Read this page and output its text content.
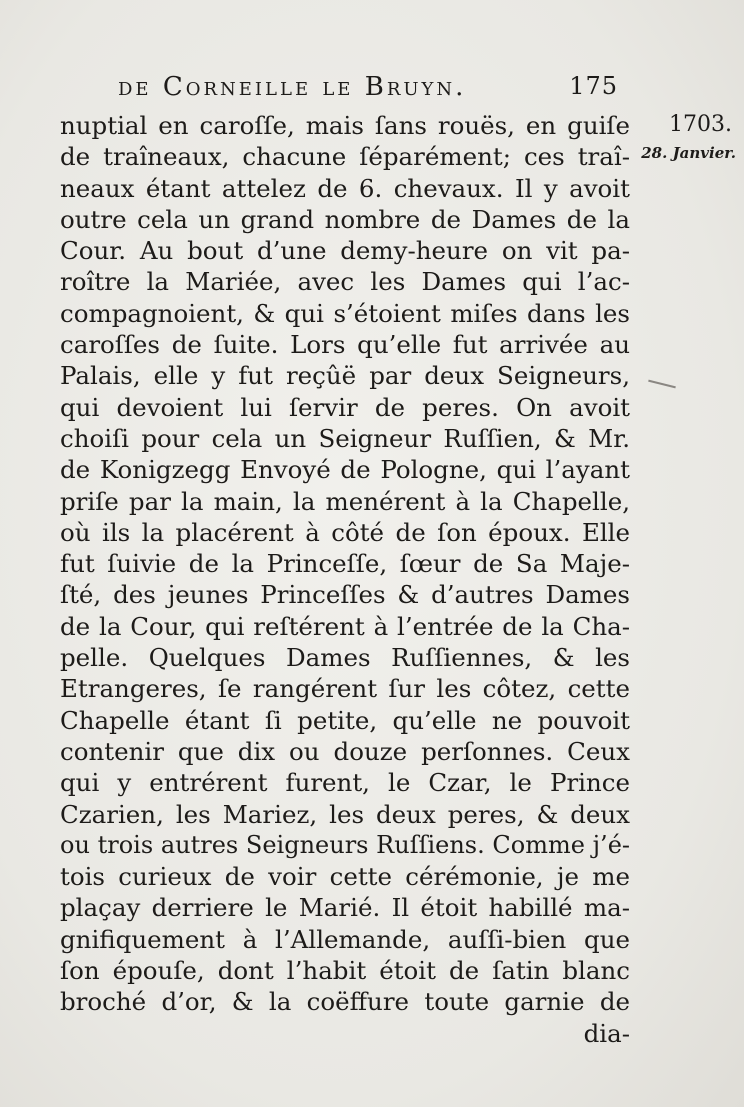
de Corneille le Bruyn.	175
1703.
28. Janvier.
nuptial en caroſſe, mais ſans rouës, en guiſe
de traîneaux, chacune ſéparément; ces traî-
neaux étant attelez de 6. chevaux. Il y avoit
outre cela un grand nombre de Dames de la
Cour. Au bout d’une demy-heure on vit pa-
roître la Mariée, avec les Dames qui l’ac-
compagnoient, & qui s’étoient miſes dans les
caroſſes de ſuite. Lors qu’elle fut arrivée au
Palais, elle y fut reçûë par deux Seigneurs,
qui devoient lui ſervir de peres. On avoit
choiſi pour cela un Seigneur Ruſſien, & Mr.
de Konigzegg Envoyé de Pologne, qui l’ayant
priſe par la main, la menérent à la Chapelle,
où ils la placérent à côté de ſon époux. Elle
fut ſuivie de la Princeſſe, ſœur de Sa Maje-
ſté, des jeunes Princeſſes & d’autres Dames
de la Cour, qui reſtérent à l’entrée de la Cha-
pelle. Quelques Dames Ruſſiennes, & les
Etrangeres, ſe rangérent ſur les côtez, cette
Chapelle étant ſi petite, qu’elle ne pouvoit
contenir que dix ou douze perſonnes. Ceux
qui y entrérent furent, le Czar, le Prince
Czarien, les Mariez, les deux peres, & deux
ou trois autres Seigneurs Ruſſiens. Comme j’é-
tois curieux de voir cette cérémonie, je me
plaçay derriere le Marié. Il étoit habillé ma-
gnifiquement à l’Allemande, auſſi-bien que
ſon épouſe, dont l’habit étoit de ſatin blanc
broché d’or, & la coëffure toute garnie de
dia-
